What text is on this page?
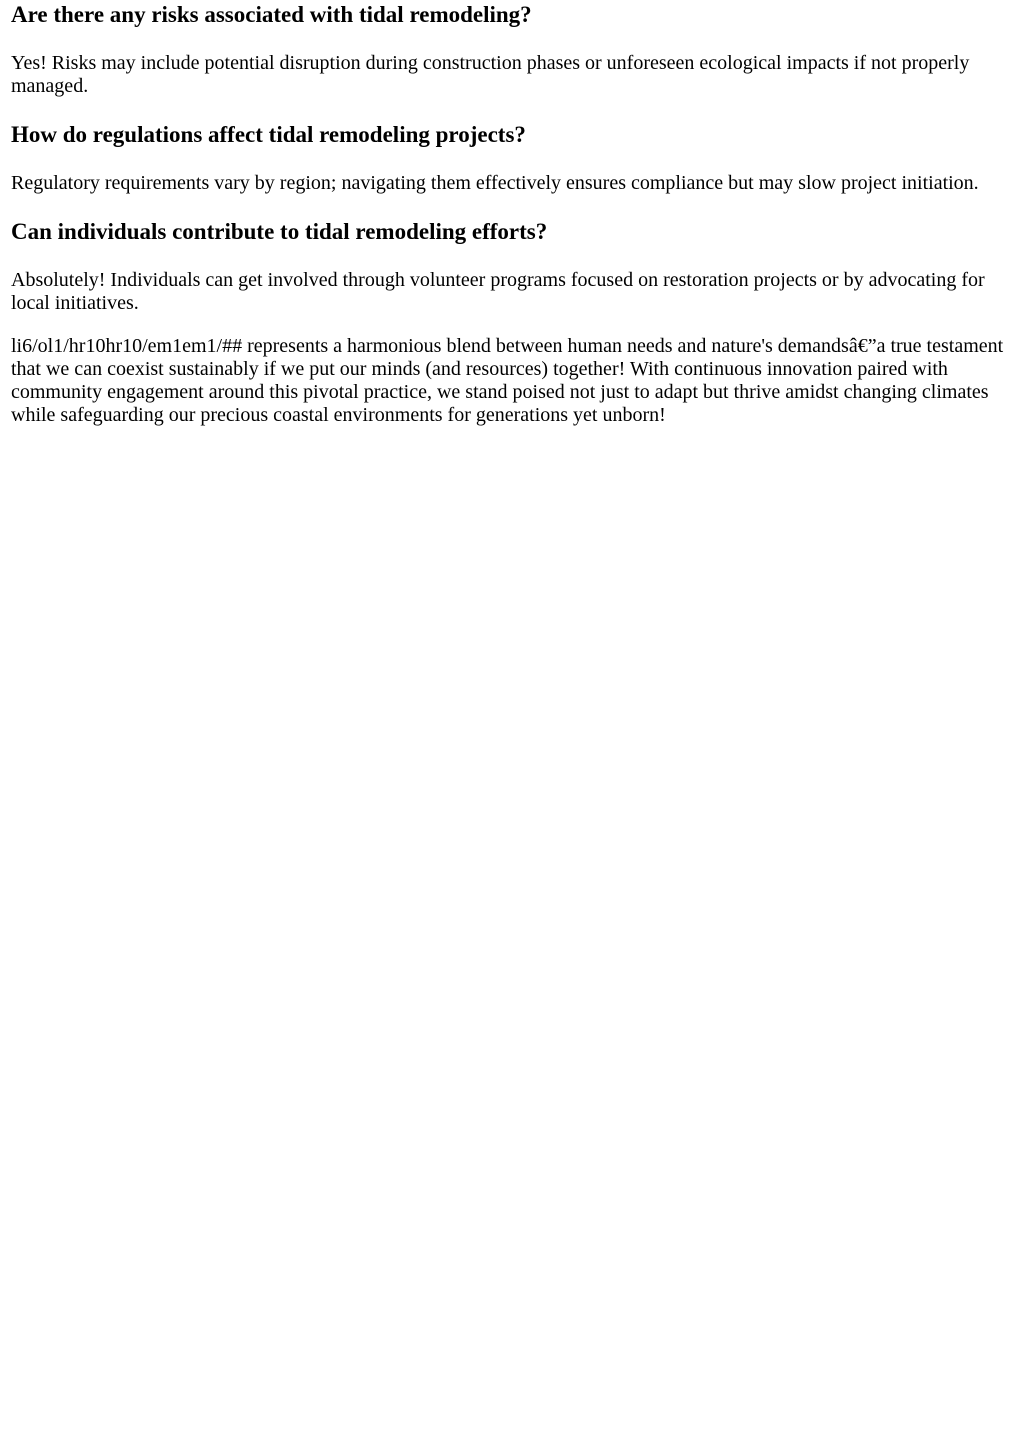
Are there any risks associated with tidal remodeling?

Yes! Risks may include potential disruption during construction phases or unforeseen ecological impacts if not properly managed.

How do regulations affect tidal remodeling projects?

Regulatory requirements vary by region; navigating them effectively ensures compliance but may slow project initiation.

Can individuals contribute to tidal remodeling efforts?

Absolutely! Individuals can get involved through volunteer programs focused on restoration projects or by advocating for local initiatives.

li6/ol1/hr10hr10/em1em1/## represents a harmonious blend between human needs and nature's demandsâ€”a true testament that we can coexist sustainably if we put our minds (and resources) together! With continuous innovation paired with community engagement around this pivotal practice, we stand poised not just to adapt but thrive amidst changing climates while safeguarding our precious coastal environments for generations yet unborn!
